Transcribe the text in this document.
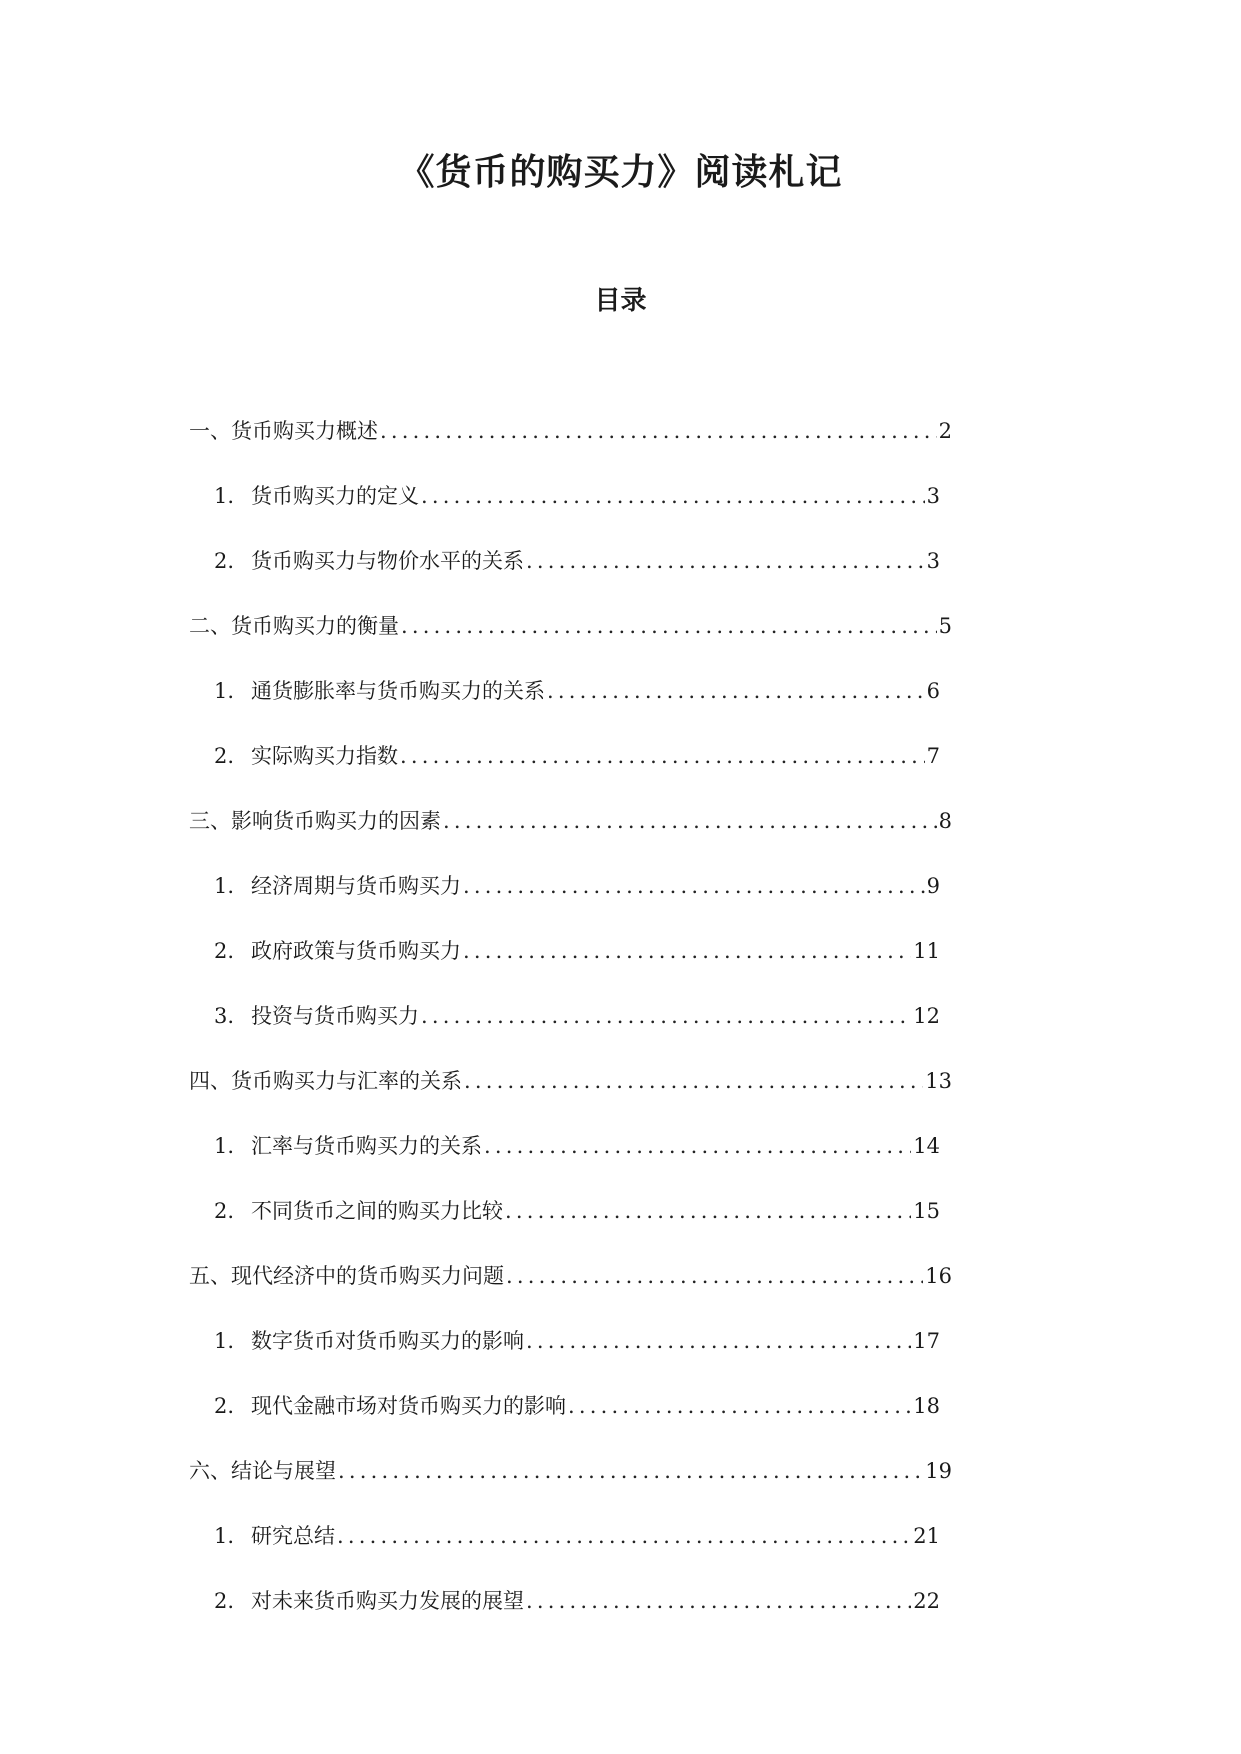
《货币的购买力》阅读札记
目录
一、货币购买力概述 .....	2
1. 货币购买力的定义 .....	3
2. 货币购买力与物价水平的关系 .....	3
二、货币购买力的衡量 .....	5
1. 通货膨胀率与货币购买力的关系 .....	6
2. 实际购买力指数 .....	7
三、影响货币购买力的因素 .....	8
1. 经济周期与货币购买力 .....	9
2. 政府政策与货币购买力 .....	11
3. 投资与货币购买力 .....	12
四、货币购买力与汇率的关系 .....	13
1. 汇率与货币购买力的关系 .....	14
2. 不同货币之间的购买力比较 .....	15
五、现代经济中的货币购买力问题 .....	16
1. 数字货币对货币购买力的影响 .....	17
2. 现代金融市场对货币购买力的影响 .....	18
六、结论与展望 .....	19
1. 研究总结 .....	21
2. 对未来货币购买力发展的展望 .....	22
